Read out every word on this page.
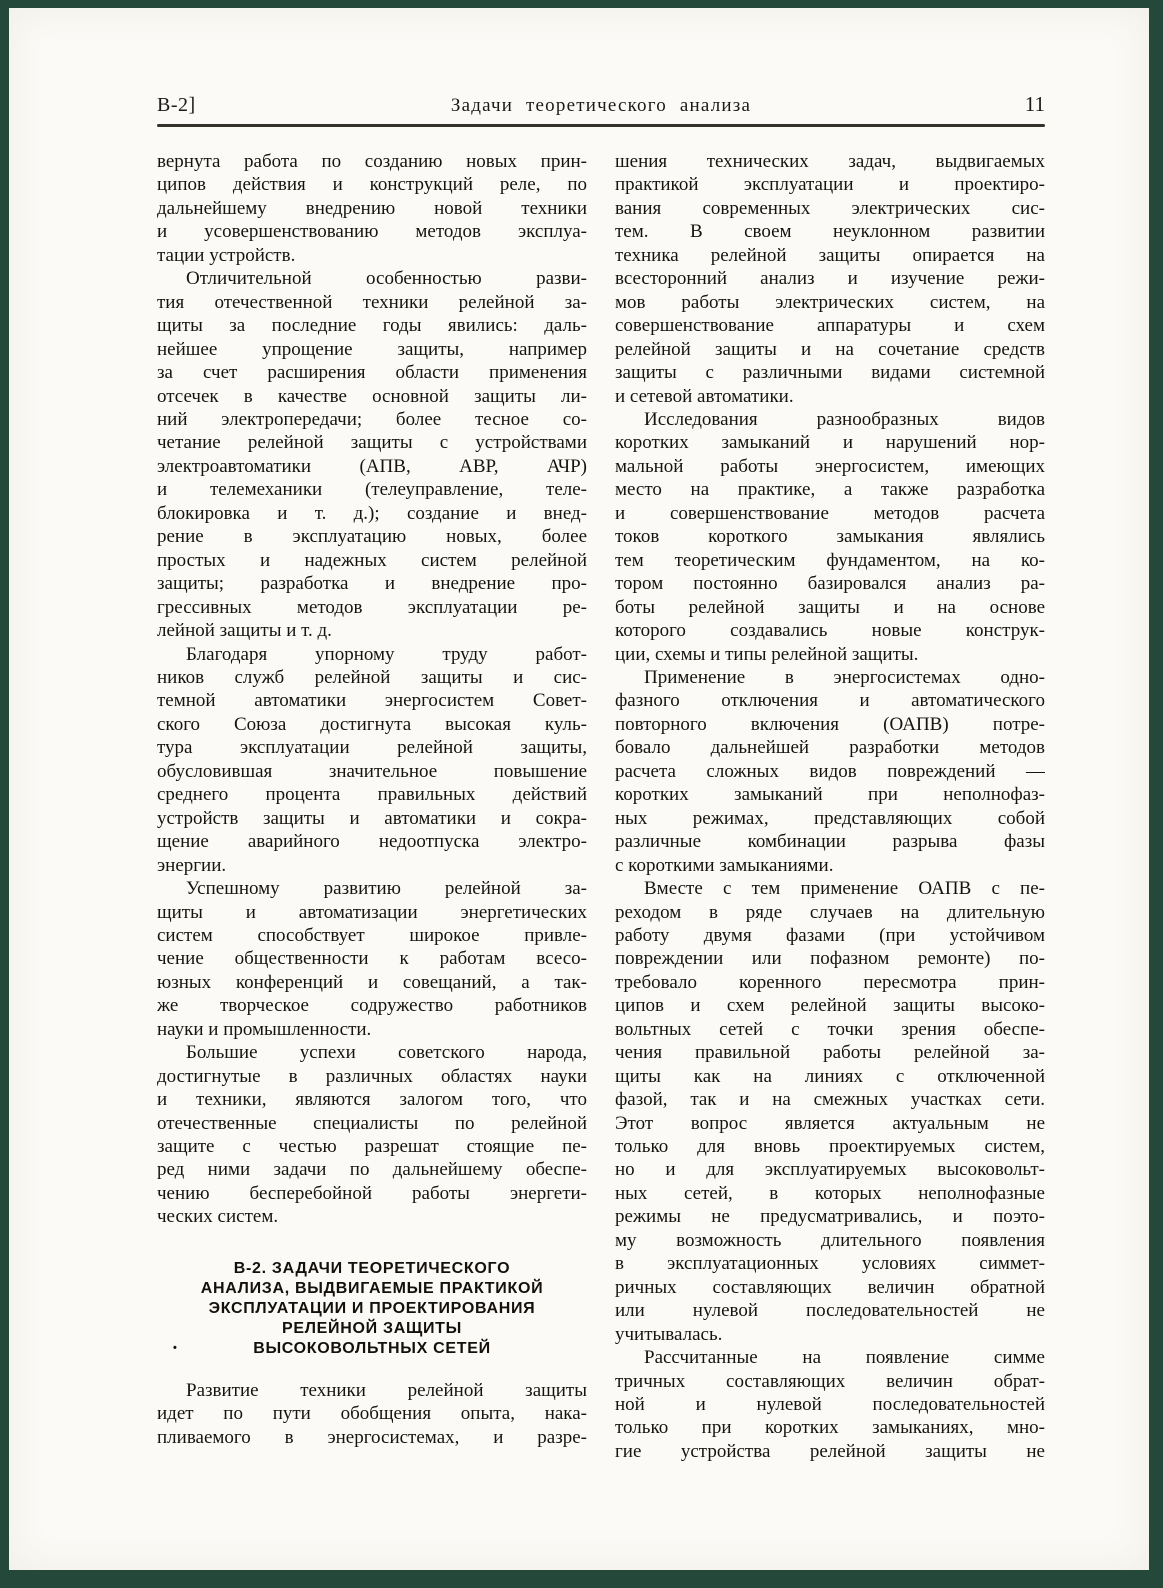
В-2]	Задачи теоретического анализа	11
вернута работа по созданию новых прин-
ципов действия и конструкций реле, по
дальнейшему внедрению новой техники
и усовершенствованию методов эксплуа-
тации устройств.
Отличительной особенностью разви-
тия отечественной техники релейной за-
щиты за последние годы явились: даль-
нейшее упрощение защиты, например
за счет расширения области применения
отсечек в качестве основной защиты ли-
ний электропередачи; более тесное со-
четание релейной защиты с устройствами
электроавтоматики (АПВ, АВР, АЧР)
и телемеханики (телеуправление, теле-
блокировка и т. д.); создание и внед-
рение в эксплуатацию новых, более
простых и надежных систем релейной
защиты; разработка и внедрение про-
грессивных методов эксплуатации ре-
лейной защиты и т. д.
Благодаря упорному труду работ-
ников служб релейной защиты и сис-
темной автоматики энергосистем Совет-
ского Союза достигнута высокая куль-
тура эксплуатации релейной защиты,
обусловившая значительное повышение
среднего процента правильных действий
устройств защиты и автоматики и сокра-
щение аварийного недоотпуска электро-
энергии.
Успешному развитию релейной за-
щиты и автоматизации энергетических
систем способствует широкое привле-
чение общественности к работам всесо-
юзных конференций и совещаний, а так-
же творческое содружество работников
науки и промышленности.
Большие успехи советского народа,
достигнутые в различных областях науки
и техники, являются залогом того, что
отечественные специалисты по релейной
защите с честью разрешат стоящие пе-
ред ними задачи по дальнейшему обеспе-
чению бесперебойной работы энергети-
ческих систем.
В-2. ЗАДАЧИ ТЕОРЕТИЧЕСКОГО
АНАЛИЗА, ВЫДВИГАЕМЫЕ ПРАКТИКОЙ
ЭКСПЛУАТАЦИИ И ПРОЕКТИРОВАНИЯ
РЕЛЕЙНОЙ ЗАЩИТЫ
ВЫСОКОВОЛЬТНЫХ СЕТЕЙ
•
Развитие техники релейной защиты
идет по пути обобщения опыта, нака-
пливаемого в энергосистемах, и разре-
шения технических задач, выдвигаемых
практикой эксплуатации и проектиро-
вания современных электрических сис-
тем. В своем неуклонном развитии
техника релейной защиты опирается на
всесторонний анализ и изучение режи-
мов работы электрических систем, на
совершенствование аппаратуры и схем
релейной защиты и на сочетание средств
защиты с различными видами системной
и сетевой автоматики.
Исследования разнообразных видов
коротких замыканий и нарушений нор-
мальной работы энергосистем, имеющих
место на практике, а также разработка
и совершенствование методов расчета
токов короткого замыкания являлись
тем теоретическим фундаментом, на ко-
тором постоянно базировался анализ ра-
боты релейной защиты и на основе
которого создавались новые конструк-
ции, схемы и типы релейной защиты.
Применение в энергосистемах одно-
фазного отключения и автоматического
повторного включения (ОАПВ) потре-
бовало дальнейшей разработки методов
расчета сложных видов повреждений —
коротких замыканий при неполнофаз-
ных режимах, представляющих собой
различные комбинации разрыва фазы
с короткими замыканиями.
Вместе с тем применение ОАПВ с пе-
реходом в ряде случаев на длительную
работу двумя фазами (при устойчивом
повреждении или пофазном ремонте) по-
требовало коренного пересмотра прин-
ципов и схем релейной защиты высоко-
вольтных сетей с точки зрения обеспе-
чения правильной работы релейной за-
щиты как на линиях с отключенной
фазой, так и на смежных участках сети.
Этот вопрос является актуальным не
только для вновь проектируемых систем,
но и для эксплуатируемых высоковольт-
ных сетей, в которых неполнофазные
режимы не предусматривались, и поэто-
му возможность длительного появления
в эксплуатационных условиях симмет-
ричных составляющих величин обратной
или нулевой последовательностей не
учитывалась.
Рассчитанные на появление симме
тричных составляющих величин обрат-
ной и нулевой последовательностей
только при коротких замыканиях, мно-
гие устройства релейной защиты не
